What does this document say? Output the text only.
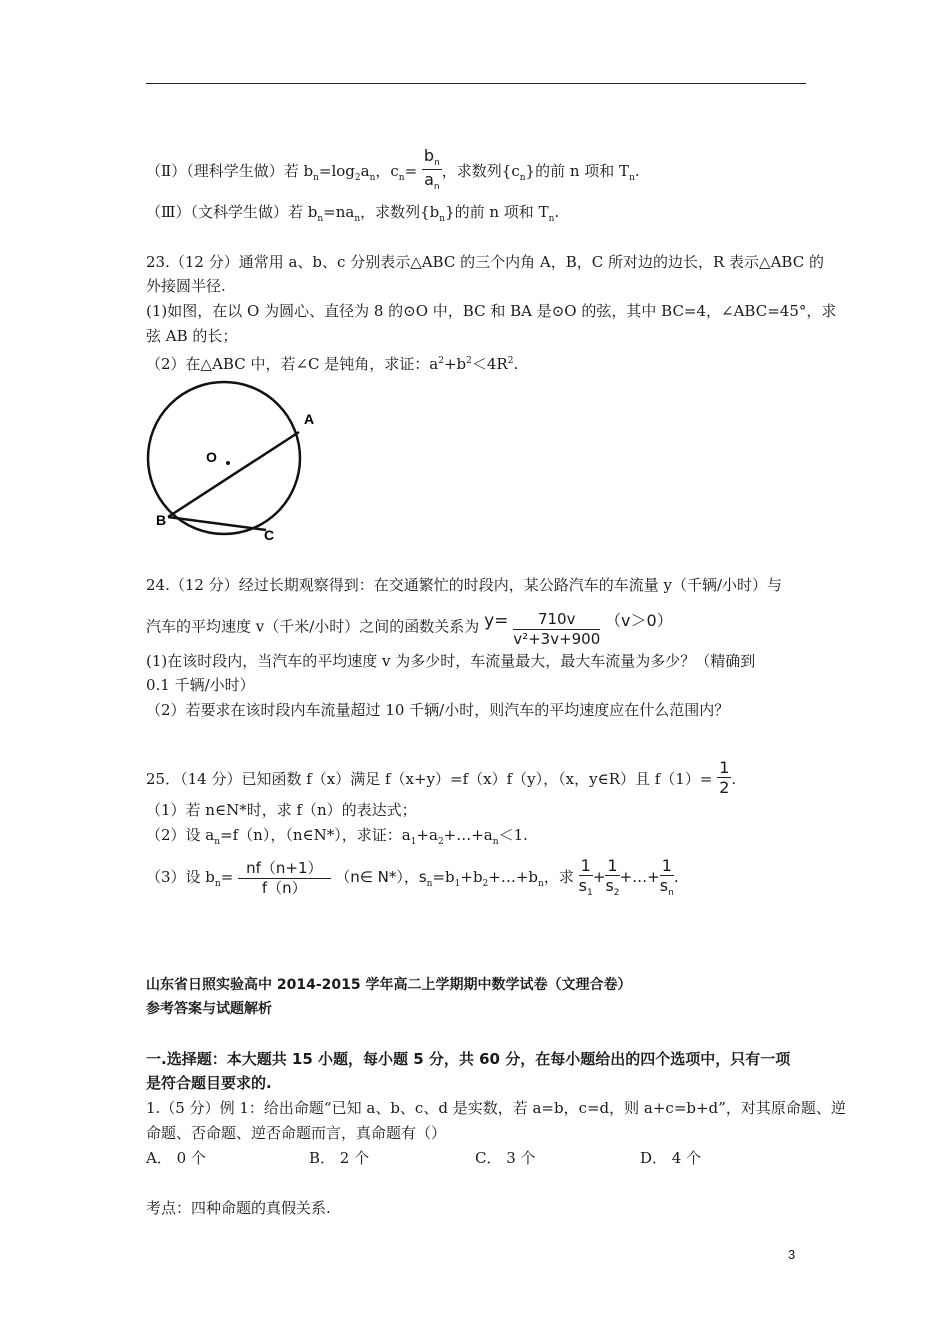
（Ⅱ）（理科学生做）若 $b_n=\log_2a_n$，$c_n= \frac{b_n}{a_n}$ ，求数列$\{c_n\}$的前 n 项和 $T_n$.
（Ⅲ）（文科学生做）若 $b_n=na_n$，求数列$\{b_n\}$的前 n 项和 $T_n$.
23.（12 分）通常用 a、b、c 分别表示△ABC 的三个内角 A，B，C 所对边的边长，R 表示△ABC 的
外接圆半径.
(1)如图，在以 O 为圆心、直径为 8 的⊙O 中，BC 和 BA 是⊙O 的弦，其中 BC=4，∠ABC=45°，求
弦 AB 的长；
（2）在△ABC 中，若∠C 是钝角，求证：$a^2+b^2<4R^2$.
O
A
B
C
24.（12 分）经过长期观察得到：在交通繁忙的时段内，某公路汽车的车流量 y（千辆/小时）与
汽车的平均速度 v（千米/小时）之间的函数关系为 $y= \frac{710v}{\text{v²+3v+900}} (v>0)$
(1)在该时段内，当汽车的平均速度 v 为多少时，车流量最大，最大车流量为多少？（精确到
0.1 千辆/小时）
（2）若要求在该时段内车流量超过 10 千辆/小时，则汽车的平均速度应在什么范围内？
25．（14 分）已知函数 f（x）满足 f（x+y）=f（x）f（y），（x，y∈R）且 $f(1)= \frac{1}{2}$ .
（1）若 n∈N*时，求 f（n）的表达式；
（2）设 $a_n=f(n)$，（n∈N*），求证：$a_1+a_2+\dots+a_n<1$.
（3）设 $b_n= \frac{nf(n+1)}{f(n)}$ （n∈ N*），$s_n=b_1+b_2+\dots+b_n$，求 $\frac{1}{s_1} + \frac{1}{s_2}$ +…+ $\frac{1}{s_n}$ .
山东省日照实验高中 2014-2015 学年高二上学期期中数学试卷（文理合卷）
参考答案与试题解析
一.选择题：本大题共 15 小题，每小题 5 分，共 60 分，在每小题给出的四个选项中，只有一项
是符合题目要求的.
1.（5 分）例 1：给出命题“已知 a、b、c、d 是实数，若 a=b，c=d，则 a+c=b+d”，对其原命题、逆
命题、否命题、逆否命题而言，真命题有（）
A． 0 个	B． 2 个	C． 3 个	D． 4 个
考点：四种命题的真假关系.
3
